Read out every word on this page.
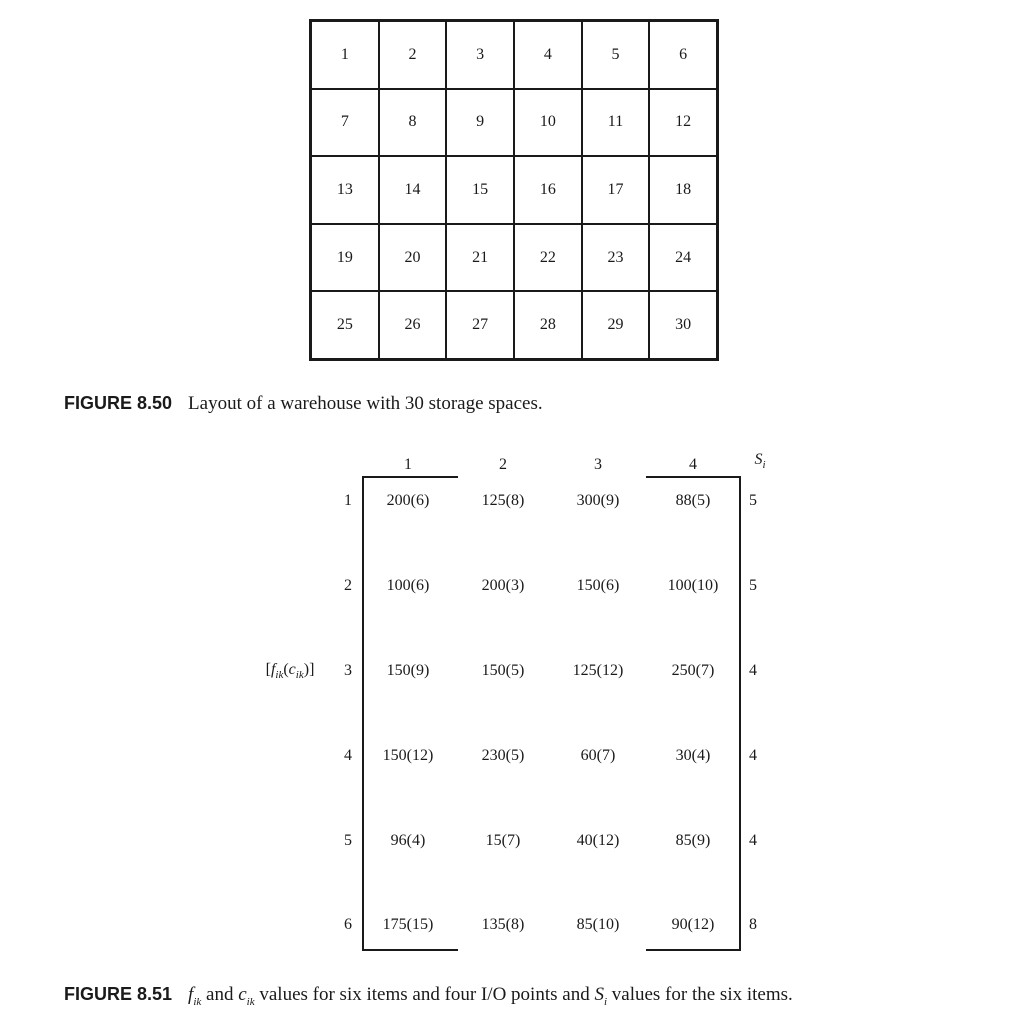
1	2	3	4	5	6
7	8	9	10	11	12
13	14	15	16	17	18
19	20	21	22	23	24
25	26	27	28	29	30
FIGURE 8.50 Layout of a warehouse with 30 storage spaces.
$S_i$
$[f_{ik}(c_{ik})]$
1	2	3	4
1 200(6)	125(8)	300(9)	88(5) 5
2 100(6)	200(3)	150(6)	100(10) 5
3 150(9)	150(5)	125(12)	250(7) 4
4 150(12)	230(5)	60(7)	30(4) 4
5 96(4)	15(7)	40(12)	85(9) 4
6 175(15)	135(8)	85(10)	90(12) 8
FIGURE 8.51 $f_{ik}$ and $c_{ik}$ values for six items and four I/O points and $S_i$ values for the six items.
